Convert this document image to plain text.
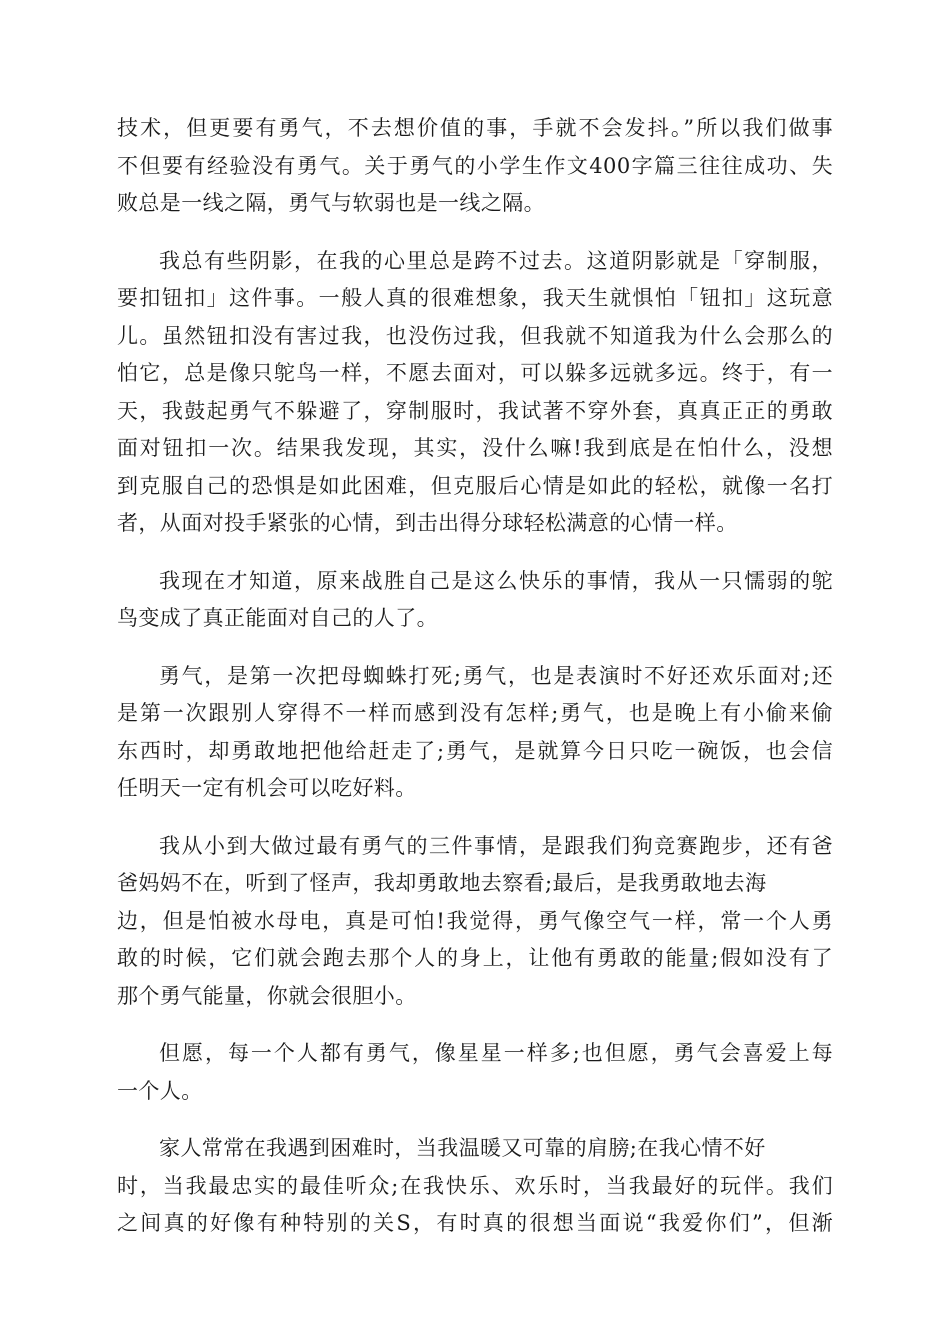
技术，但更要有勇气，不去想价值的事，手就不会发抖。”所以我们做事
不但要有经验没有勇气。关于勇气的小学生作文400字篇三往往成功、失
败总是一线之隔，勇气与软弱也是一线之隔。
我总有些阴影，在我的心里总是跨不过去。这道阴影就是「穿制服，
要扣钮扣」这件事。一般人真的很难想象，我天生就惧怕「钮扣」这玩意
儿。虽然钮扣没有害过我，也没伤过我，但我就不知道我为什么会那么的
怕它，总是像只鸵鸟一样，不愿去面对，可以躲多远就多远。终于，有一
天，我鼓起勇气不躲避了，穿制服时，我试著不穿外套，真真正正的勇敢
面对钮扣一次。结果我发现，其实，没什么嘛!我到底是在怕什么，没想
到克服自己的恐惧是如此困难，但克服后心情是如此的轻松，就像一名打
者，从面对投手紧张的心情，到击出得分球轻松满意的心情一样。
我现在才知道，原来战胜自己是这么快乐的事情，我从一只懦弱的鸵
鸟变成了真正能面对自己的人了。
勇气，是第一次把母蜘蛛打死;勇气，也是表演时不好还欢乐面对;还
是第一次跟别人穿得不一样而感到没有怎样;勇气，也是晚上有小偷来偷
东西时，却勇敢地把他给赶走了;勇气，是就算今日只吃一碗饭，也会信
任明天一定有机会可以吃好料。
我从小到大做过最有勇气的三件事情，是跟我们狗竞赛跑步，还有爸
爸妈妈不在，听到了怪声，我却勇敢地去察看;最后，是我勇敢地去海
边，但是怕被水母电，真是可怕!我觉得，勇气像空气一样，常一个人勇
敢的时候，它们就会跑去那个人的身上，让他有勇敢的能量;假如没有了
那个勇气能量，你就会很胆小。
但愿，每一个人都有勇气，像星星一样多;也但愿，勇气会喜爱上每
一个人。
家人常常在我遇到困难时，当我温暖又可靠的肩膀;在我心情不好
时，当我最忠实的最佳听众;在我快乐、欢乐时，当我最好的玩伴。我们
之间真的好像有种特别的关S，有时真的很想当面说“我爱你们”，但渐
